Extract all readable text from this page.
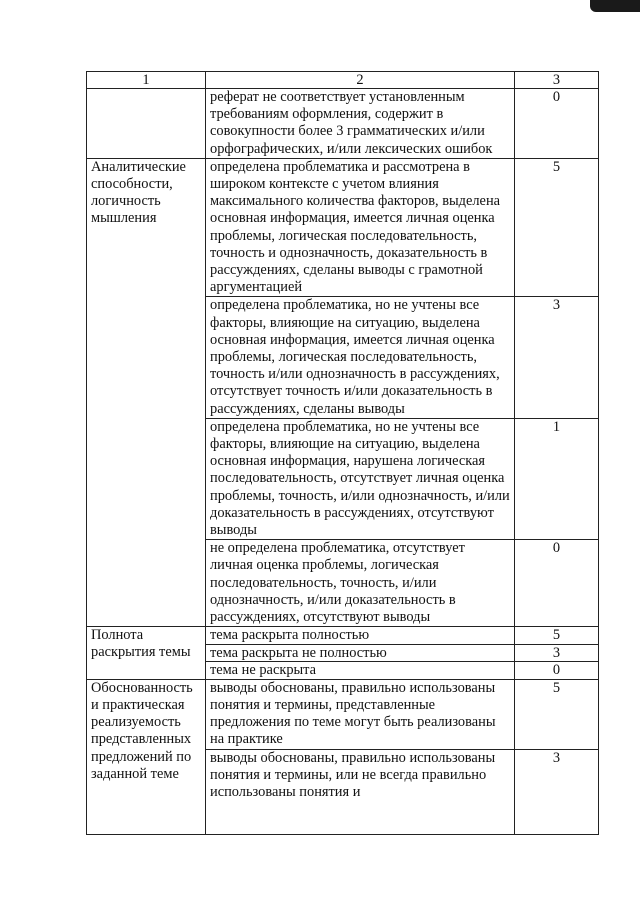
1	2	3
	реферат не соответствует установленным требованиям оформления, содержит в совокупности более 3 грамматических и/или орфографических, и/или лексических ошибок	0
Аналитические способности, логичность мышления	определена проблематика и рассмотрена в широком контексте с учетом влияния максимального количества факторов, выделена основная информация, имеется личная оценка проблемы, логическая последовательность, точность и однозначность, доказательность в рассуждениях, сделаны выводы с грамотной аргументацией	5
	определена проблематика, но не учтены все факторы, влияющие на ситуацию, выделена основная информация, имеется личная оценка проблемы, логическая последовательность, точность и/или однозначность в рассуждениях, отсутствует точность и/или доказательность в рассуждениях, сделаны выводы	3
	определена проблематика, но не учтены все факторы, влияющие на ситуацию, выделена основная информация, нарушена логическая последовательность, отсутствует личная оценка проблемы, точность, и/или однозначность, и/или доказательность в рассуждениях, отсутствуют выводы	1
	не определена проблематика, отсутствует личная оценка проблемы, логическая последовательность, точность, и/или однозначность, и/или доказательность в рассуждениях, отсутствуют выводы	0
Полнота раскрытия темы	тема раскрыта полностью	5
	тема раскрыта не полностью	3
	тема не раскрыта	0
Обоснованность и практическая реализуемость представленных предложений по заданной теме	выводы обоснованы, правильно использованы понятия и термины, представленные предложения по теме могут быть реализованы на практике	5

	выводы обоснованы, правильно использованы понятия и термины, или не всегда правильно использованы понятия и	3
